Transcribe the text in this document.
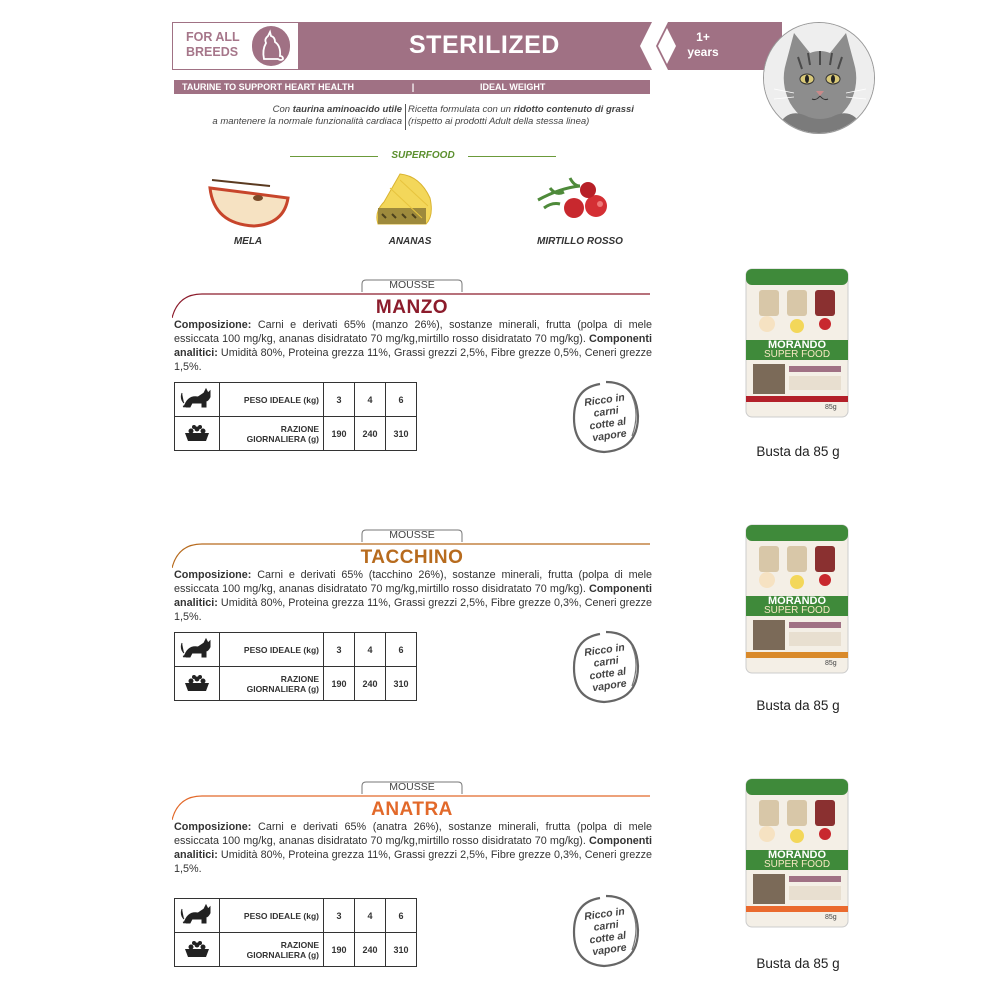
FOR ALL
BREEDS	STERILIZED	1+
years
TAURINE TO SUPPORT HEART HEALTH	|	IDEAL WEIGHT
Con taurina aminoacido utile
a mantenere la normale funzionalità cardiaca
Ricetta formulata con un ridotto contenuto di grassi (rispetto ai prodotti Adult della stessa linea)
SUPERFOOD
MELA	ANANAS	MIRTILLO ROSSO
MOUSSE
MANZO
Composizione: Carni e derivati 65% (manzo 26%), sostanze minerali, frutta (polpa di mele essiccata 100 mg/kg, ananas disidratato 70 mg/kg,mirtillo rosso disidratato 70 mg/kg). Componenti analitici: Umidità 80%, Proteina grezza 11%, Grassi grezzi 2,5%, Fibre grezze 0,5%, Ceneri grezze 1,5%.
	PESO IDEALE (kg)	3	4	6
	RAZIONE GIORNALIERA (g)	190	240	310
Ricco in
carni
cotte al
vapore
MOUSSE
TACCHINO
Composizione: Carni e derivati 65% (tacchino 26%), sostanze minerali, frutta (polpa di mele essiccata 100 mg/kg, ananas disidratato 70 mg/kg,mirtillo rosso disidratato 70 mg/kg). Componenti analitici: Umidità 80%, Proteina grezza 11%, Grassi grezzi 2,5%, Fibre grezze 0,3%, Ceneri grezze 1,5%.
	PESO IDEALE (kg)	3	4	6
	RAZIONE GIORNALIERA (g)	190	240	310
Ricco in
carni
cotte al
vapore
MOUSSE
ANATRA
Composizione: Carni e derivati 65% (anatra 26%), sostanze minerali, frutta (polpa di mele essiccata 100 mg/kg, ananas disidratato 70 mg/kg,mirtillo rosso disidratato 70 mg/kg). Componenti analitici: Umidità 80%, Proteina grezza 11%, Grassi grezzi 2,5%, Fibre grezze 0,3%, Ceneri grezze 1,5%.
	PESO IDEALE (kg)	3	4	6
	RAZIONE GIORNALIERA (g)	190	240	310
Ricco in
carni
cotte al
vapore
MORANDO
SUPER FOOD
85g
Busta da 85 g
MORANDO
SUPER FOOD
85g
Busta da 85 g
MORANDO
SUPER FOOD
85g
Busta da 85 g
